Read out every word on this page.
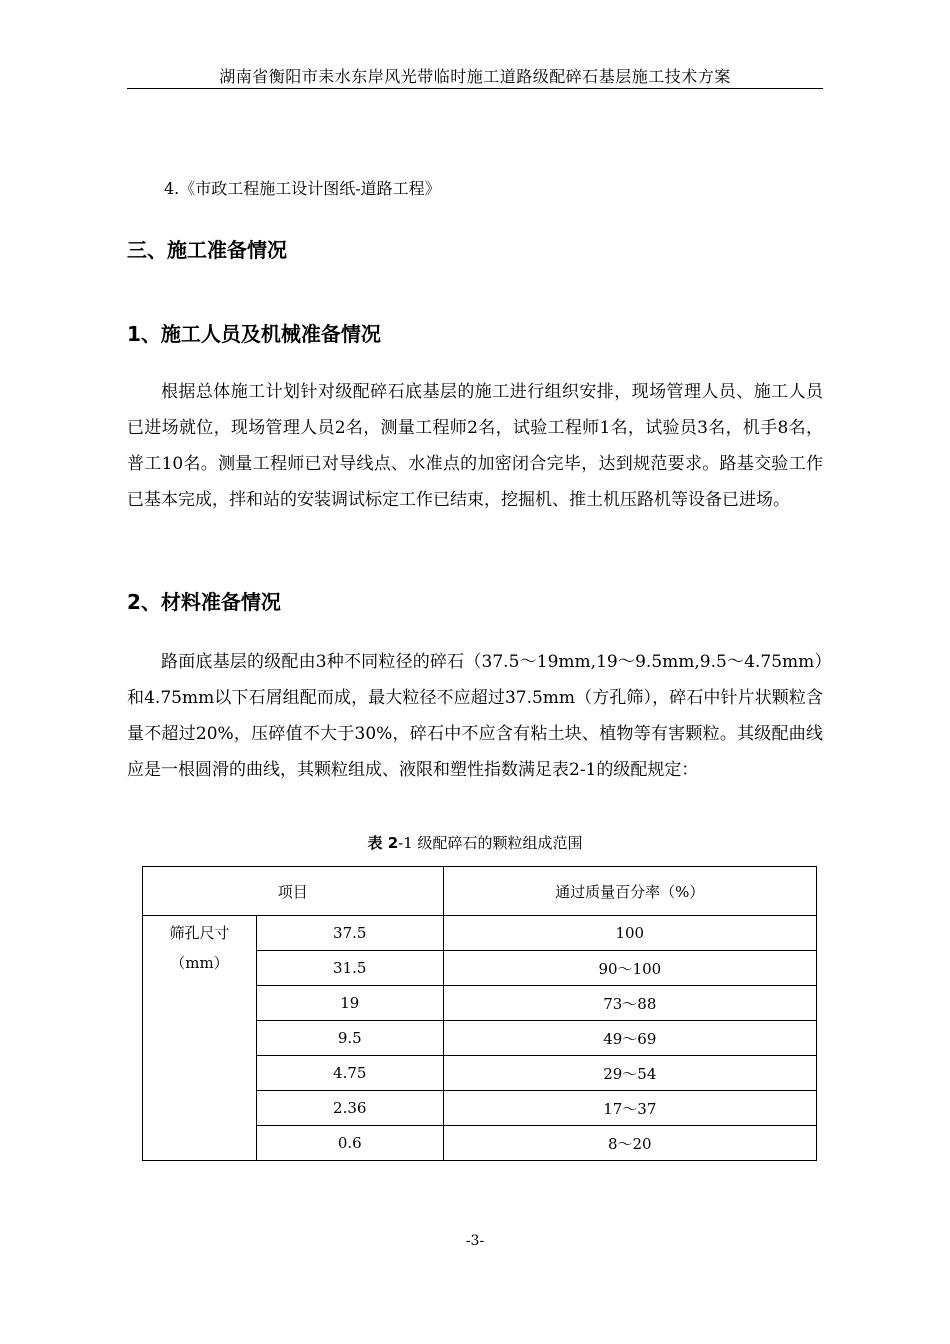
湖南省衡阳市耒水东岸风光带临时施工道路级配碎石基层施工技术方案
4.《市政工程施工设计图纸-道路工程》
三、施工准备情况
1、施工人员及机械准备情况
根据总体施工计划针对级配碎石底基层的施工进行组织安排，现场管理人员、施工人员已进场就位，现场管理人员2名，测量工程师2名，试验工程师1名，试验员3名，机手8名，普工10名。测量工程师已对导线点、水准点的加密闭合完毕，达到规范要求。路基交验工作已基本完成，拌和站的安装调试标定工作已结束，挖掘机、推土机压路机等设备已进场。
2、材料准备情况
路面底基层的级配由3种不同粒径的碎石（37.5～19mm,19～9.5mm,9.5～4.75mm）和4.75mm以下石屑组配而成，最大粒径不应超过37.5mm（方孔筛），碎石中针片状颗粒含量不超过20%，压碎值不大于30%，碎石中不应含有粘土块、植物等有害颗粒。其级配曲线应是一根圆滑的曲线，其颗粒组成、液限和塑性指数满足表2-1的级配规定：
表 2-1 级配碎石的颗粒组成范围
项目		通过质量百分率（%）

筛孔尺寸
（mm）	37.5	100
	31.5	90～100
	19	73～88
	9.5	49～69
	4.75	29～54
	2.36	17～37
	0.6	8～20
-3-
